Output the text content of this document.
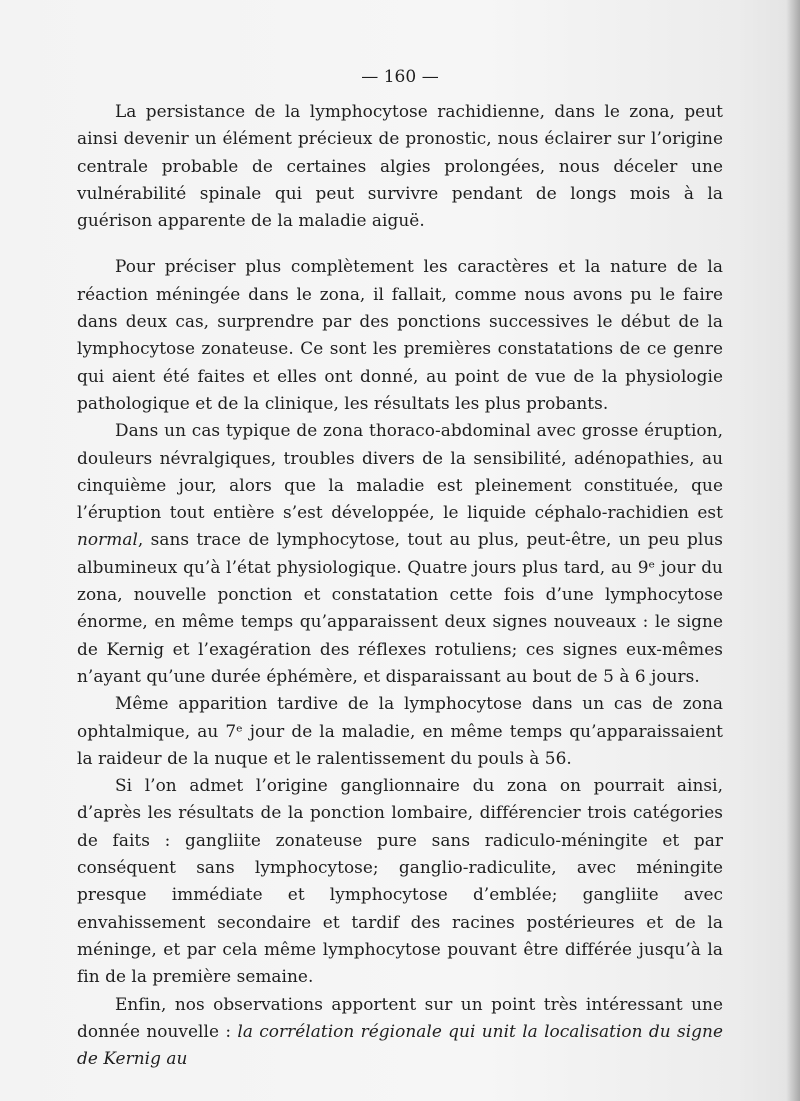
— 160 —

La persistance de la lymphocytose rachidienne, dans le zona, peut ainsi devenir un élément précieux de pronostic, nous éclairer sur l’origine centrale probable de certaines algies prolongées, nous déceler une vulnérabilité spinale qui peut survivre pendant de longs mois à la guérison apparente de la maladie aiguë.

Pour préciser plus complètement les caractères et la nature de la réaction méningée dans le zona, il fallait, comme nous avons pu le faire dans deux cas, surprendre par des ponctions successives le début de la lymphocytose zonateuse. Ce sont les premières constatations de ce genre qui aient été faites et elles ont donné, au point de vue de la physiologie pathologique et de la clinique, les résultats les plus probants.

Dans un cas typique de zona thoraco-abdominal avec grosse éruption, douleurs névralgiques, troubles divers de la sensibilité, adénopathies, au cinquième jour, alors que la maladie est pleinement constituée, que l’éruption tout entière s’est développée, le liquide céphalo-rachidien est normal, sans trace de lymphocytose, tout au plus, peut-être, un peu plus albumineux qu’à l’état physiologique. Quatre jours plus tard, au 9ᵉ jour du zona, nouvelle ponction et constatation cette fois d’une lymphocytose énorme, en même temps qu’apparaissent deux signes nouveaux : le signe de Kernig et l’exagération des réflexes rotuliens; ces signes eux-mêmes n’ayant qu’une durée éphémère, et disparaissant au bout de 5 à 6 jours.

Même apparition tardive de la lymphocytose dans un cas de zona ophtalmique, au 7ᵉ jour de la maladie, en même temps qu’apparaissaient la raideur de la nuque et le ralentissement du pouls à 56.

Si l’on admet l’origine ganglionnaire du zona on pourrait ainsi, d’après les résultats de la ponction lombaire, différencier trois catégories de faits : gangliite zonateuse pure sans radiculo-méningite et par conséquent sans lymphocytose; ganglio-radiculite, avec méningite presque immédiate et lymphocytose d’emblée; gangliite avec envahissement secondaire et tardif des racines postérieures et de la méninge, et par cela même lymphocytose pouvant être différée jusqu’à la fin de la première semaine.

Enfin, nos observations apportent sur un point très intéressant une donnée nouvelle : la corrélation régionale qui unit la localisation du signe de Kernig au
